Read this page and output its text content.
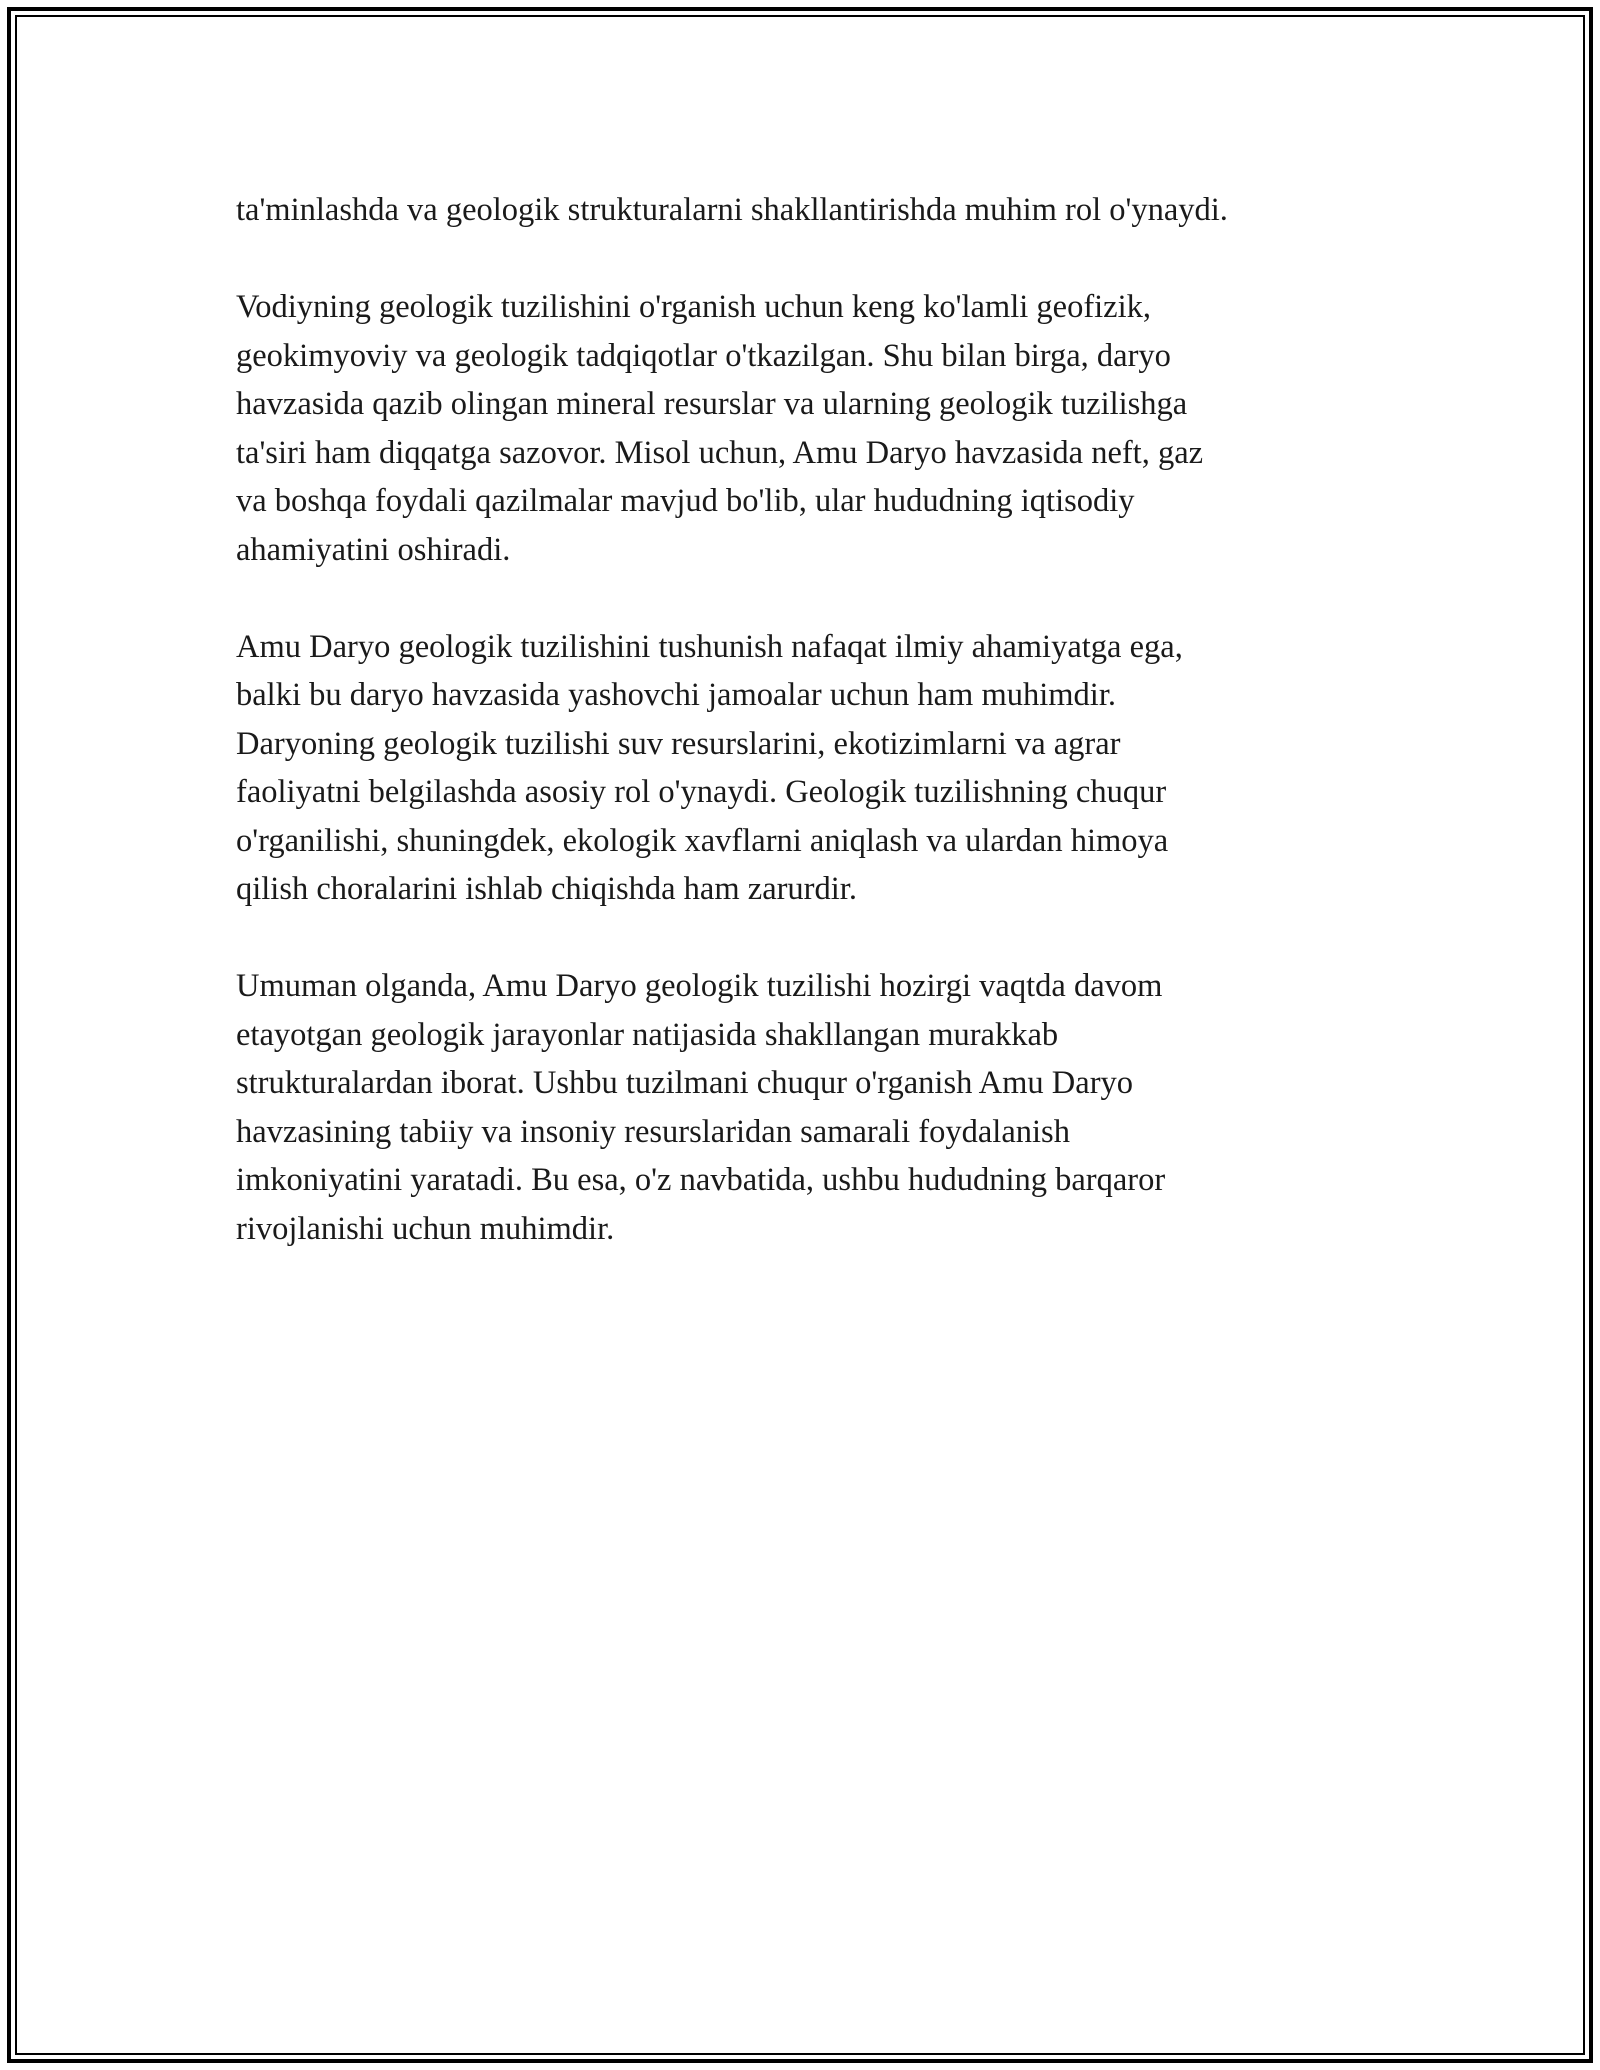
ta'minlashda va geologik strukturalarni shakllantirishda muhim rol o'ynaydi.

Vodiyning geologik tuzilishini o'rganish uchun keng ko'lamli geofizik,
geokimyoviy va geologik tadqiqotlar o'tkazilgan. Shu bilan birga, daryo
havzasida qazib olingan mineral resurslar va ularning geologik tuzilishga
ta'siri ham diqqatga sazovor. Misol uchun, Amu Daryo havzasida neft, gaz
va boshqa foydali qazilmalar mavjud bo'lib, ular hududning iqtisodiy
ahamiyatini oshiradi.

Amu Daryo geologik tuzilishini tushunish nafaqat ilmiy ahamiyatga ega,
balki bu daryo havzasida yashovchi jamoalar uchun ham muhimdir.
Daryoning geologik tuzilishi suv resurslarini, ekotizimlarni va agrar
faoliyatni belgilashda asosiy rol o'ynaydi. Geologik tuzilishning chuqur
o'rganilishi, shuningdek, ekologik xavflarni aniqlash va ulardan himoya
qilish choralarini ishlab chiqishda ham zarurdir.

Umuman olganda, Amu Daryo geologik tuzilishi hozirgi vaqtda davom
etayotgan geologik jarayonlar natijasida shakllangan murakkab
strukturalardan iborat. Ushbu tuzilmani chuqur o'rganish Amu Daryo
havzasining tabiiy va insoniy resurslaridan samarali foydalanish
imkoniyatini yaratadi. Bu esa, o'z navbatida, ushbu hududning barqaror
rivojlanishi uchun muhimdir.
